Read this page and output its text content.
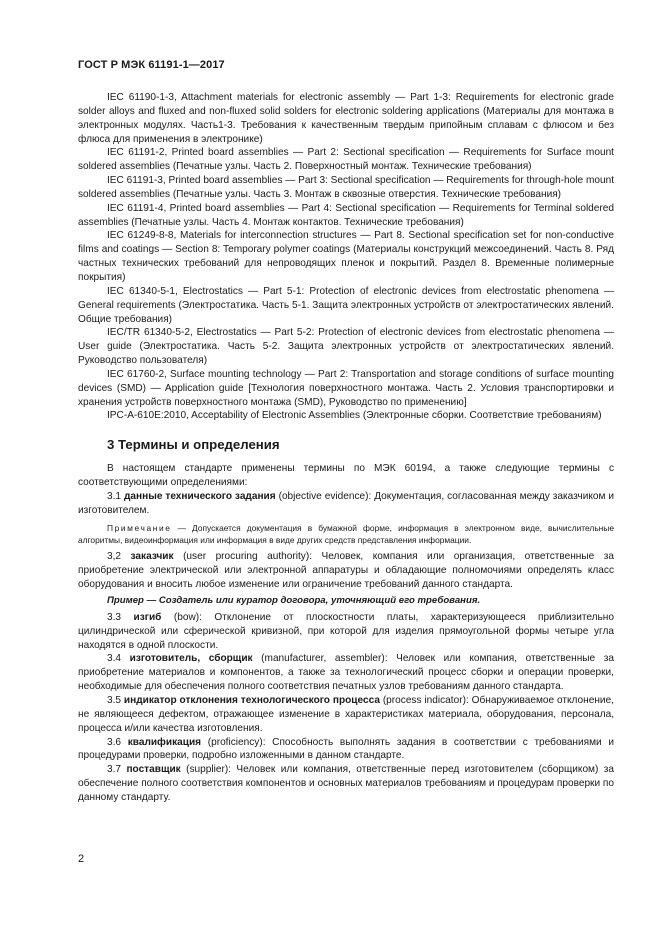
ГОСТ Р МЭК 61191-1—2017

IEC 61190-1-3, Attachment materials for electronic assembly — Part 1-3: Requirements for electronic grade solder alloys and fluxed and non-fluxed solid solders for electronic soldering applications (Материалы для монтажа в электронных модулях. Часть1-3. Требования к качественным твердым припойным сплавам с флюсом и без флюса для применения в электронике)

IEC 61191-2, Printed board assemblies — Part 2: Sectional specification — Requirements for Surface mount soldered assemblies (Печатные узлы. Часть 2. Поверхностный монтаж. Технические требования)

IEC 61191-3, Printed board assemblies — Part 3: Sectional specification — Requirements for through-hole mount soldered assemblies (Печатные узлы. Часть 3. Монтаж в сквозные отверстия. Технические требования)

IEC 61191-4, Printed board assemblies — Part 4: Sectional specification — Requirements for Terminal soldered assemblies (Печатные узлы. Часть 4. Монтаж контактов. Технические требования)

IEC 61249-8-8, Materials for interconnection structures — Part 8. Sectional specification set for non-conductive films and coatings — Section 8: Temporary polymer coatings (Материалы конструкций межсоединений. Часть 8. Ряд частных технических требований для непроводящих пленок и покрытий. Раздел 8. Временные полимерные покрытия)

IEC 61340-5-1, Electrostatics — Part 5-1: Protection of electronic devices from electrostatic phenomena — General requirements (Электростатика. Часть 5-1. Защита электронных устройств от электростатических явлений. Общие требования)

IEC/TR 61340-5-2, Electrostatics — Part 5-2: Protection of electronic devices from electrostatic phenomena — User guide (Электростатика. Часть 5-2. Защита электронных устройств от электростатических явлений. Руководство пользователя)

IEC 61760-2, Surface mounting technology — Part 2: Transportation and storage conditions of surface mounting devices (SMD) — Application guide [Технология поверхностного монтажа. Часть 2. Условия транспортировки и хранения устройств поверхностного монтажа (SMD), Руководство по применению]

IPC-A-610E:2010, Acceptability of Electronic Assemblies (Электронные сборки. Соответствие требованиям)

3 Термины и определения

В настоящем стандарте применены термины по МЭК 60194, а также следующие термины с соответствующими определениями:

3.1 данные технического задания (objective evidence): Документация, согласованная между заказчиком и изготовителем.

Примечание — Допускается документация в бумажной форме, информация в электронном виде, вычислительные алгоритмы, видеоинформация или информация в виде других средств представления информации.

3,2 заказчик (user procuring authority): Человек, компания или организация, ответственные за приобретение электрической или электронной аппаратуры и обладающие полномочиями определять класс оборудования и вносить любое изменение или ограничение требований данного стандарта.

Пример — Создатель или куратор договора, уточняющий его требования.

3.3 изгиб (bow): Отклонение от плоскостности платы, характеризующееся приблизительно цилиндрической или сферической кривизной, при которой для изделия прямоугольной формы четыре угла находятся в одной плоскости.

3.4 изготовитель, сборщик (manufacturer, assembler): Человек или компания, ответственные за приобретение материалов и компонентов, а также за технологический процесс сборки и операции проверки, необходимые для обеспечения полного соответствия печатных узлов требованиям данного стандарта.

3.5 индикатор отклонения технологического процесса (process indicator): Обнаруживаемое отклонение, не являющееся дефектом, отражающее изменение в характеристиках материала, оборудования, персонала, процесса и/или качества изготовления.

3.6 квалификация (proficiency): Способность выполнять задания в соответствии с требованиями и процедурами проверки, подробно изложенными в данном стандарте.

3.7 поставщик (supplier): Человек или компания, ответственные перед изготовителем (сборщиком) за обеспечение полного соответствия компонентов и основных материалов требованиям и процедурам проверки по данному стандарту.

2
